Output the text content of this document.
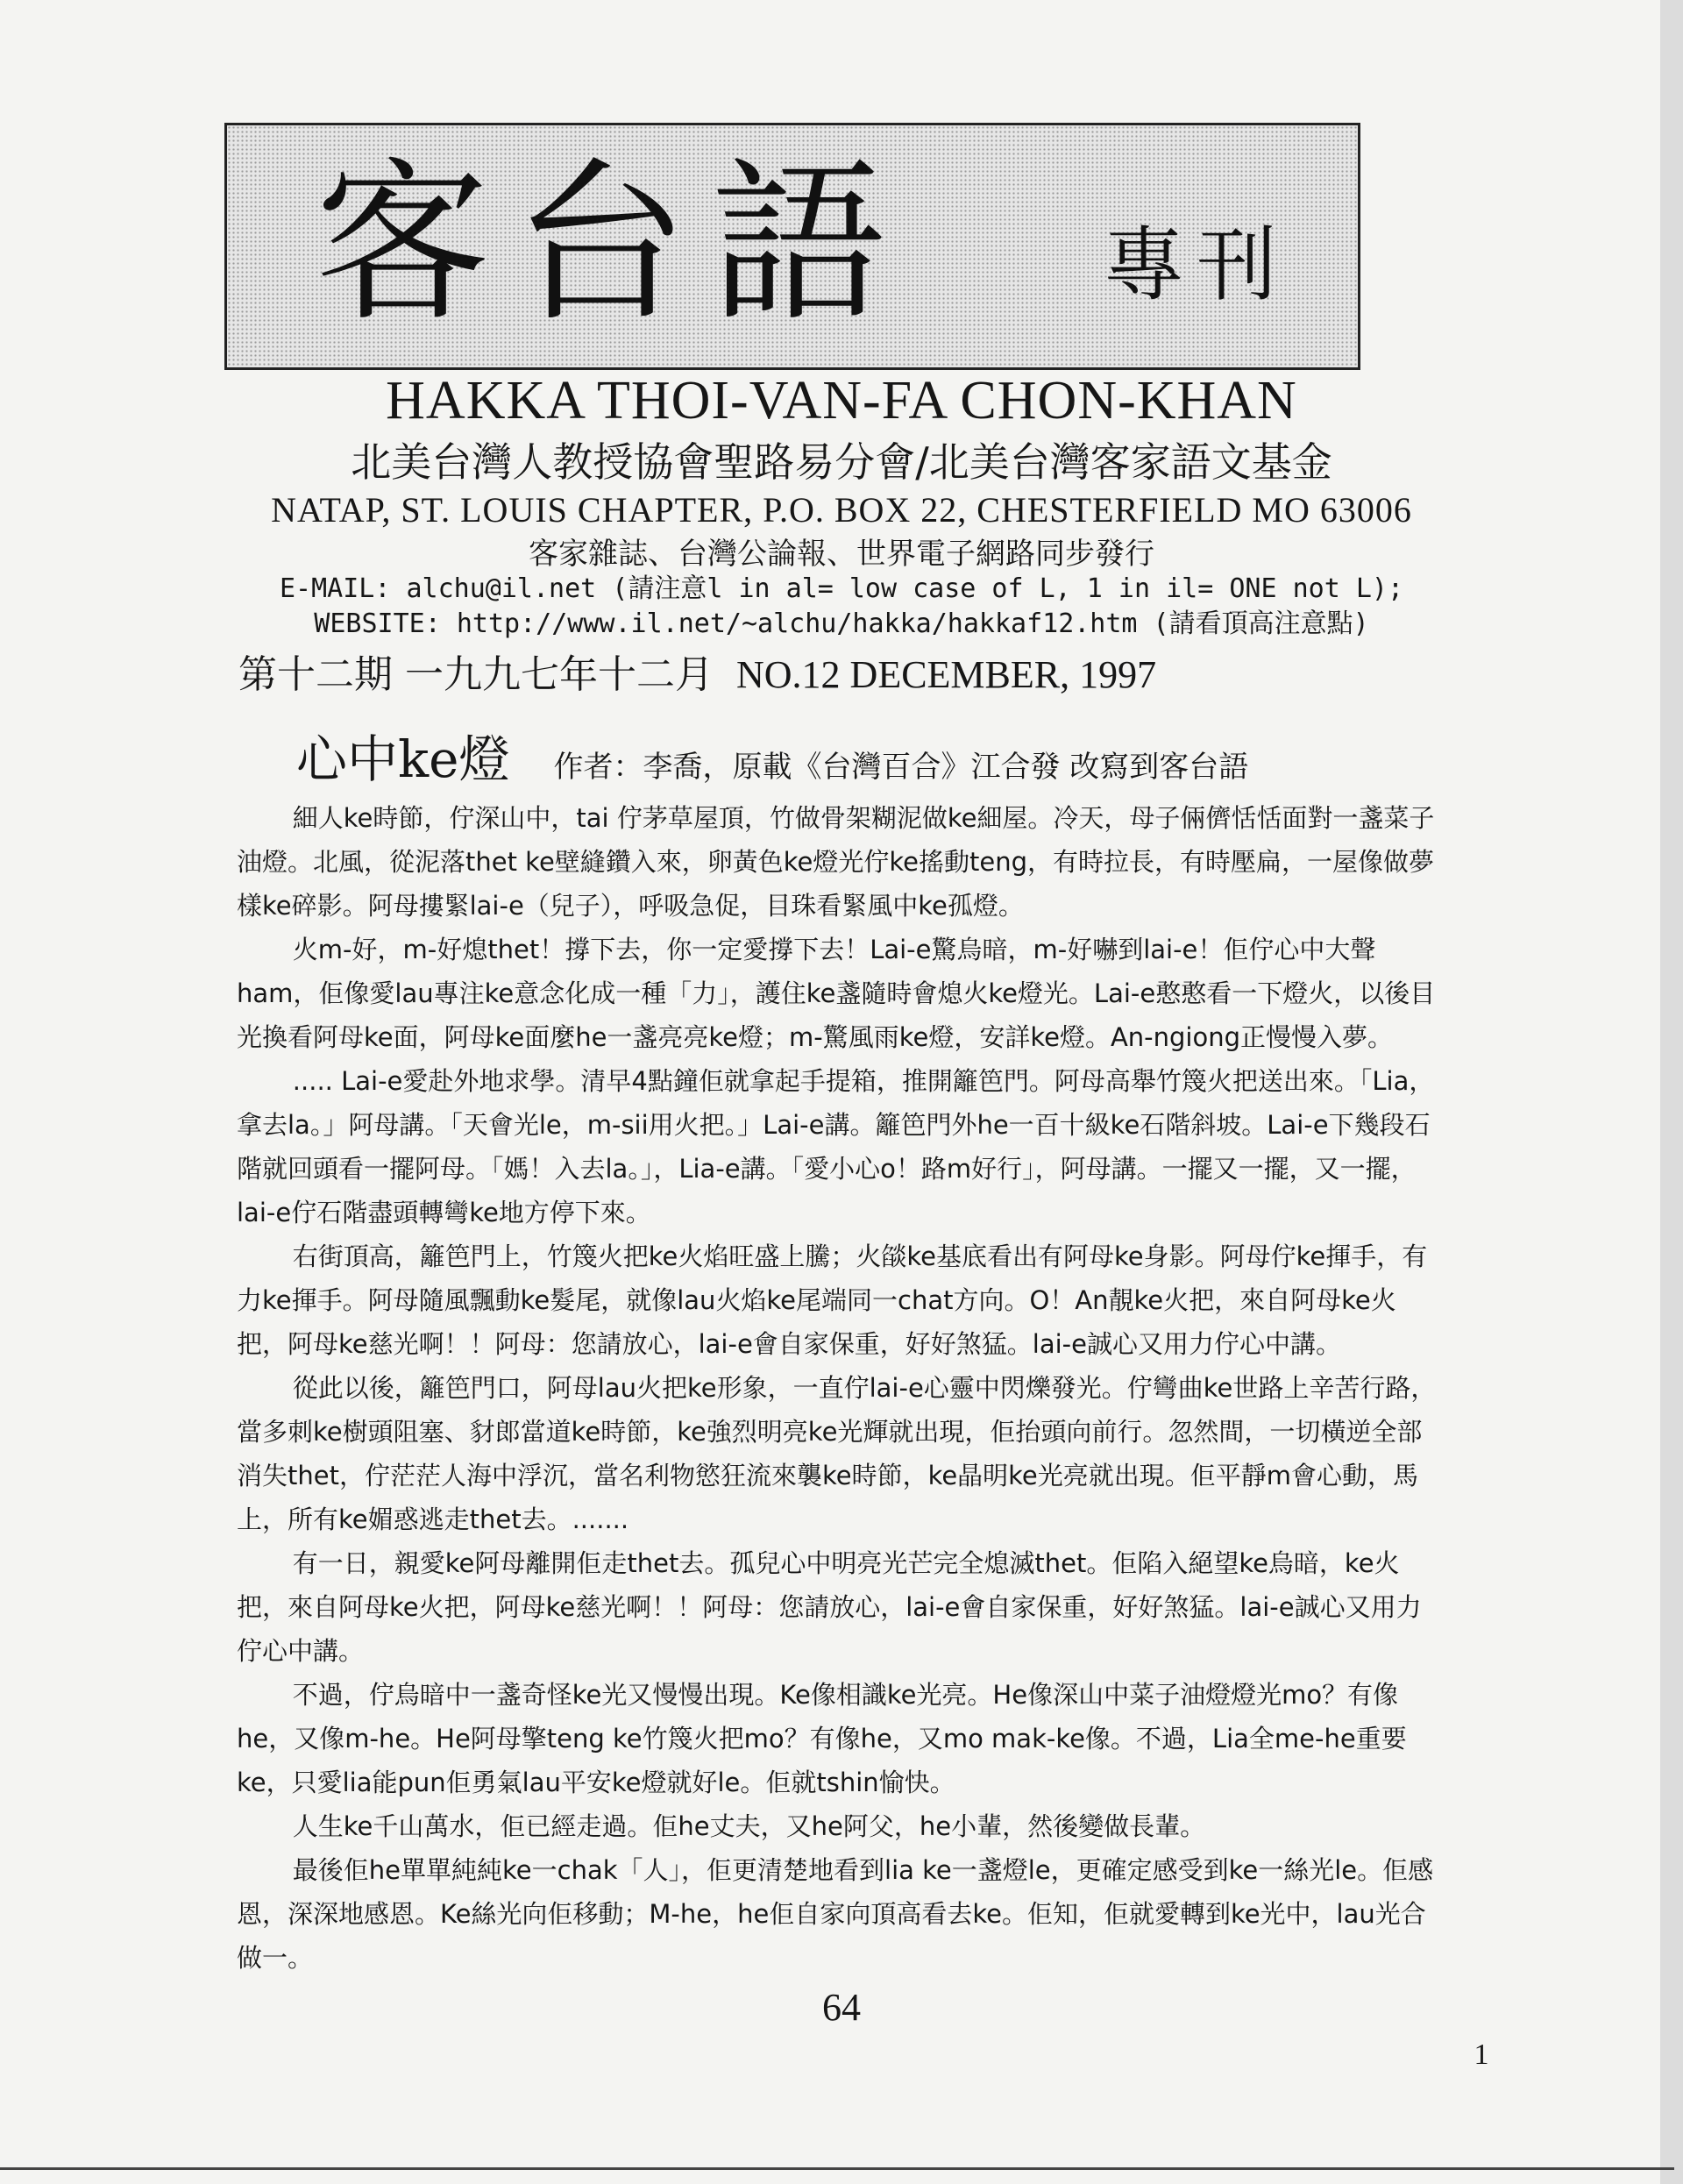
客台語 專刊
HAKKA THOI-VAN-FA CHON-KHAN
北美台灣人教授協會聖路易分會/北美台灣客家語文基金
NATAP, ST. LOUIS CHAPTER, P.O. BOX 22, CHESTERFIELD MO 63006
客家雜誌、台灣公論報、世界電子網路同步發行
E-MAIL: alchu@il.net (請注意l in al= low case of L, 1 in il= ONE not L);
WEBSITE: http://www.il.net/~alchu/hakka/hakkaf12.htm (請看頂高注意點)
第十二期 一九九七年十二月 NO.12 DECEMBER, 1997
心中ke燈 作者：李喬，原載《台灣百合》江合發 改寫到客台語

細人ke時節，佇深山中，tai 佇茅草屋頂，竹做骨架糊泥做ke細屋。冷天，母子倆儕恬恬面對一盞菜子油燈。北風，從泥落thet ke壁縫鑽入來，卵黃色ke燈光佇ke搖動teng，有時拉長，有時壓扁，一屋像做夢樣ke碎影。阿母摟緊lai-e（兒子），呼吸急促，目珠看緊風中ke孤燈。

火m-好，m-好熄thet！撐下去，你一定愛撐下去！Lai-e驚烏暗，m-好嚇到lai-e！佢佇心中大聲ham，佢像愛lau專注ke意念化成一種「力」，護住ke盞隨時會熄火ke燈光。Lai-e憨憨看一下燈火，以後目光換看阿母ke面，阿母ke面麼he一盞亮亮ke燈；m-驚風雨ke燈，安詳ke燈。An-ngiong正慢慢入夢。

..... Lai-e愛赴外地求學。清早4點鐘佢就拿起手提箱，推開籬笆門。阿母高舉竹篾火把送出來。「Lia，拿去la。」阿母講。「天會光le，m-sii用火把。」Lai-e講。籬笆門外he一百十級ke石階斜坡。Lai-e下幾段石階就回頭看一擺阿母。「媽！入去la。」，Lia-e講。「愛小心o！路m好行」，阿母講。一擺又一擺，又一擺，lai-e佇石階盡頭轉彎ke地方停下來。

右街頂高，籬笆門上，竹篾火把ke火焰旺盛上騰；火燄ke基底看出有阿母ke身影。阿母佇ke揮手，有力ke揮手。阿母隨風飄動ke髮尾，就像lau火焰ke尾端同一chat方向。O！An靚ke火把，來自阿母ke火把，阿母ke慈光啊！！阿母：您請放心，lai-e會自家保重，好好煞猛。lai-e誠心又用力佇心中講。

從此以後，籬笆門口，阿母lau火把ke形象，一直佇lai-e心靈中閃爍發光。佇彎曲ke世路上辛苦行路，當多刺ke樹頭阻塞、豺郎當道ke時節，ke強烈明亮ke光輝就出現，佢抬頭向前行。忽然間，一切橫逆全部消失thet，佇茫茫人海中浮沉，當名利物慾狂流來襲ke時節，ke晶明ke光亮就出現。佢平靜m會心動，馬上，所有ke媚惑逃走thet去。.......

有一日，親愛ke阿母離開佢走thet去。孤兒心中明亮光芒完全熄滅thet。佢陷入絕望ke烏暗，ke火把，來自阿母ke火把，阿母ke慈光啊！！阿母：您請放心，lai-e會自家保重，好好煞猛。lai-e誠心又用力佇心中講。

不過，佇烏暗中一盞奇怪ke光又慢慢出現。Ke像相識ke光亮。He像深山中菜子油燈燈光mo？有像he，又像m-he。He阿母擎teng ke竹篾火把mo？有像he，又mo mak-ke像。不過，Lia全me-he重要ke，只愛lia能pun佢勇氣lau平安ke燈就好le。佢就tshin愉快。

人生ke千山萬水，佢已經走過。佢he丈夫，又he阿父，he小輩，然後變做長輩。

最後佢he單單純純ke一chak「人」，佢更清楚地看到lia ke一盞燈le，更確定感受到ke一絲光le。佢感恩，深深地感恩。Ke絲光向佢移動；M-he，he佢自家向頂高看去ke。佢知，佢就愛轉到ke光中，lau光合做一。

64
1
